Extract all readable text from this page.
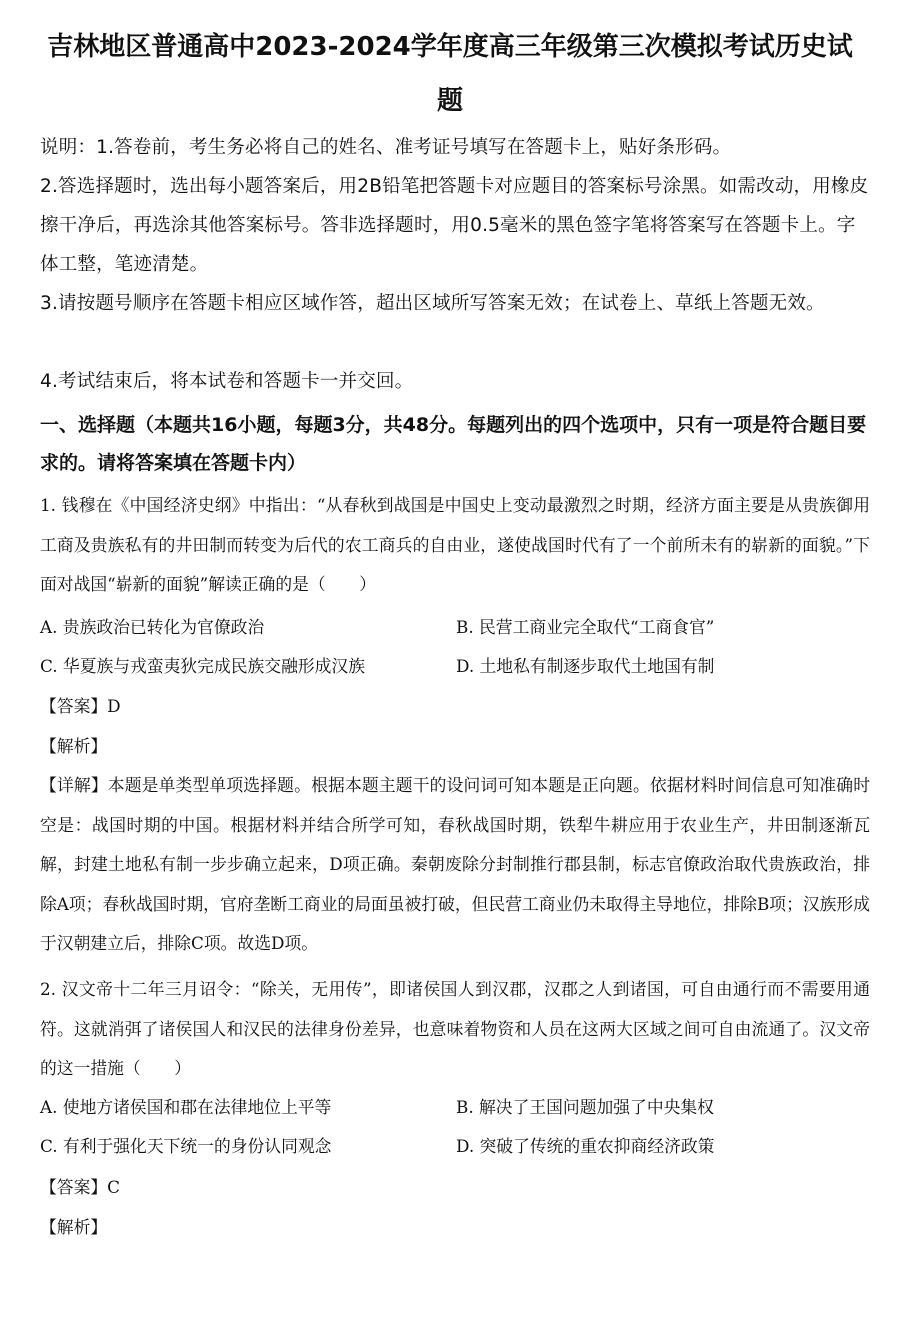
吉林地区普通高中2023-2024学年度高三年级第三次模拟考试历史试
题
说明：1.答卷前，考生务必将自己的姓名、准考证号填写在答题卡上，贴好条形码。
2.答选择题时，选出每小题答案后，用2B铅笔把答题卡对应题目的答案标号涂黑。如需改动，用橡皮擦干净后，再选涂其他答案标号。答非选择题时，用0.5毫米的黑色签字笔将答案写在答题卡上。字体工整，笔迹清楚。
3.请按题号顺序在答题卡相应区域作答，超出区域所写答案无效；在试卷上、草纸上答题无效。
4.考试结束后，将本试卷和答题卡一并交回。
一、选择题（本题共16小题，每题3分，共48分。每题列出的四个选项中，只有一项是符合题目要求的。请将答案填在答题卡内）
1. 钱穆在《中国经济史纲》中指出：“从春秋到战国是中国史上变动最激烈之时期，经济方面主要是从贵族御用工商及贵族私有的井田制而转变为后代的农工商兵的自由业，遂使战国时代有了一个前所未有的崭新的面貌。”下面对战国“崭新的面貌”解读正确的是（　　）
A. 贵族政治已转化为官僚政治	B. 民营工商业完全取代“工商食官”
C. 华夏族与戎蛮夷狄完成民族交融形成汉族	D. 土地私有制逐步取代土地国有制
【答案】D
【解析】
【详解】本题是单类型单项选择题。根据本题主题干的设问词可知本题是正向题。依据材料时间信息可知准确时空是：战国时期的中国。根据材料并结合所学可知，春秋战国时期，铁犁牛耕应用于农业生产，井田制逐渐瓦解，封建土地私有制一步步确立起来，D项正确。秦朝废除分封制推行郡县制，标志官僚政治取代贵族政治，排除A项；春秋战国时期，官府垄断工商业的局面虽被打破，但民营工商业仍未取得主导地位，排除B项；汉族形成于汉朝建立后，排除C项。故选D项。
2. 汉文帝十二年三月诏令：“除关，无用传”，即诸侯国人到汉郡，汉郡之人到诸国，可自由通行而不需要用通符。这就消弭了诸侯国人和汉民的法律身份差异，也意味着物资和人员在这两大区域之间可自由流通了。汉文帝的这一措施（　　）
A. 使地方诸侯国和郡在法律地位上平等	B. 解决了王国问题加强了中央集权
C. 有利于强化天下统一的身份认同观念	D. 突破了传统的重农抑商经济政策
【答案】C
【解析】
